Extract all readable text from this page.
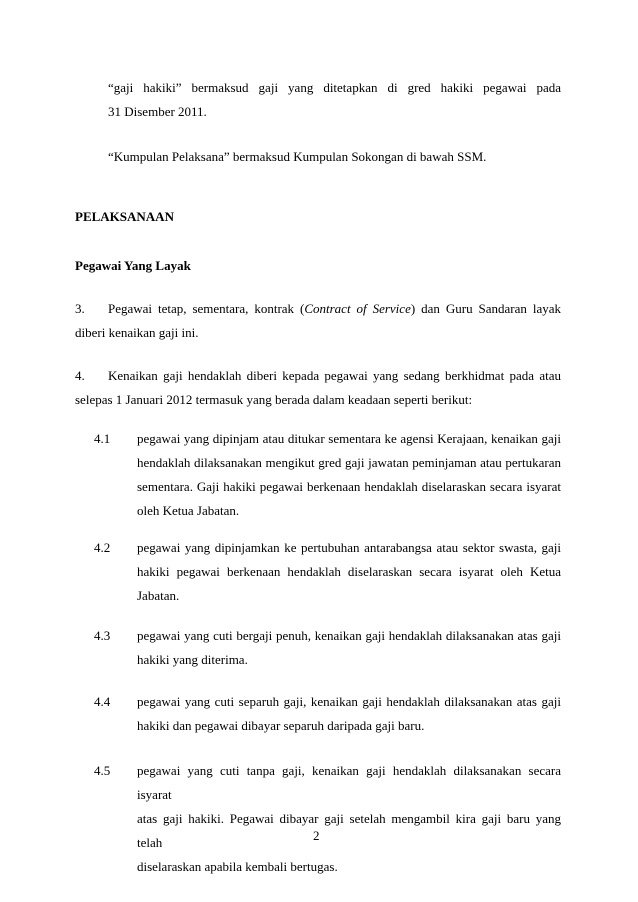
“gaji hakiki” bermaksud gaji yang ditetapkan di gred hakiki pegawai pada
31 Disember 2011.
“Kumpulan Pelaksana” bermaksud Kumpulan Sokongan di bawah SSM.
PELAKSANAAN
Pegawai Yang Layak
3. Pegawai tetap, sementara, kontrak (Contract of Service) dan Guru Sandaran layak
diberi kenaikan gaji ini.
4. Kenaikan gaji hendaklah diberi kepada pegawai yang sedang berkhidmat pada atau
selepas 1 Januari 2012 termasuk yang berada dalam keadaan seperti berikut:
4.1 pegawai yang dipinjam atau ditukar sementara ke agensi Kerajaan, kenaikan gaji
hendaklah dilaksanakan mengikut gred gaji jawatan peminjaman atau pertukaran
sementara. Gaji hakiki pegawai berkenaan hendaklah diselaraskan secara isyarat
oleh Ketua Jabatan.
4.2 pegawai yang dipinjamkan ke pertubuhan antarabangsa atau sektor swasta, gaji
hakiki pegawai berkenaan hendaklah diselaraskan secara isyarat oleh Ketua
Jabatan.
4.3 pegawai yang cuti bergaji penuh, kenaikan gaji hendaklah dilaksanakan atas gaji
hakiki yang diterima.
4.4 pegawai yang cuti separuh gaji, kenaikan gaji hendaklah dilaksanakan atas gaji
hakiki dan pegawai dibayar separuh daripada gaji baru.
4.5 pegawai yang cuti tanpa gaji, kenaikan gaji hendaklah dilaksanakan secara isyarat
atas gaji hakiki. Pegawai dibayar gaji setelah mengambil kira gaji baru yang telah
diselaraskan apabila kembali bertugas.
2
